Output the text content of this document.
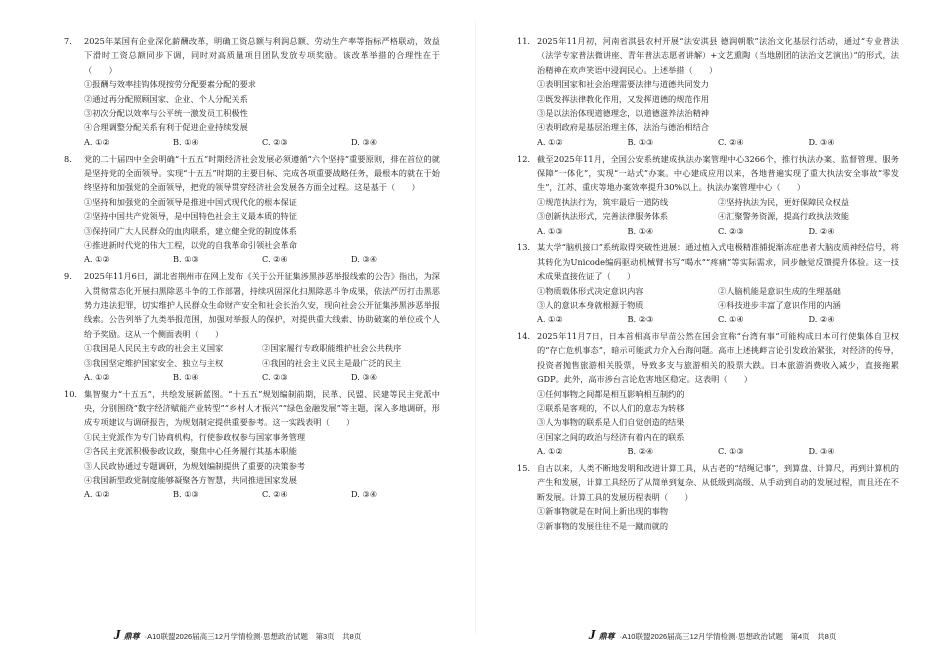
7.	2025年某国有企业深化薪酬改革，明确工资总额与利润总额、劳动生产率等指标严格联动，效益下滑时工资总额同步下调，同时对高质量项目团队发放专项奖励。该改革举措的合理性在于（　　）
①报酬与效率挂钩体现按劳分配要素分配的要求
②通过再分配照顾国家、企业、个人分配关系
③初次分配以效率与公平统一激发员工积极性
④合理调整分配关系有利于促进企业持续发展
A. ①②	B. ①④	C. ②③	D. ③④
8.	党的二十届四中全会明确“十五五”时期经济社会发展必须遵循“六个坚持”重要原则，排在首位的就是坚持党的全面领导。实现“十五五”时期的主要目标、完成各项重要战略任务，最根本的就在于始终坚持和加强党的全面领导，把党的领导贯穿经济社会发展各方面全过程。这是基于（　　）
①坚持和加强党的全面领导是推进中国式现代化的根本保证
②坚持中国共产党领导，是中国特色社会主义最本质的特征
③保持同广大人民群众的血肉联系，建立健全党的制度体系
④推进新时代党的伟大工程，以党的自我革命引领社会革命
A. ①②	B. ①③	C. ②④	D. ③④
9.	2025年11月6日，湖北省荆州市在网上发布《关于公开征集涉黑涉恶举报线索的公告》指出，为深入贯彻常态化开展扫黑除恶斗争的工作部署，持续巩固深化扫黑除恶斗争成果，依法严厉打击黑恶势力违法犯罪，切实维护人民群众生命财产安全和社会长治久安，现向社会公开征集涉黑涉恶举报线索。公告列举了九类举报范围，加强对举报人的保护，对提供重大线索、协助破案的单位或个人给予奖励。这从一个侧面表明（　　）
①我国是人民民主专政的社会主义国家	②国家履行专政职能维护社会公共秩序
③我国坚定维护国家安全、独立与主权	④我国的社会主义民主是最广泛的民主
A. ①②	B. ①④	C. ②③	D. ③④
10. 集智聚力“十五五”，共绘发展新蓝图。“十五五”规划编制前期，民革、民盟、民建等民主党派中央，分别围绕“数字经济赋能产业转型”“乡村人才振兴”“绿色金融发展”等主题，深入多地调研，形成专项建议与调研报告，为规划制定提供重要参考。这一实践表明（　　）
①民主党派作为专门协商机构，行使参政权参与国家事务管理
②各民主党派积极参政议政，聚焦中心任务履行其基本职能
③人民政协通过专题调研，为规划编制提供了重要的决策参考
④我国新型政党制度能够凝聚各方智慧，共同推进国家发展
A. ①②	B. ①③	C. ②④	D. ③④
J 鼎尊 ·A10联盟2026届高三12月学情检测·思想政治试题　第3页　共8页
11. 2025年11月初，河南省淇县农村开展“法安淇县 德润朝歌”法治文化基层行活动，通过“专业普法（法学专家普法微讲座、青年普法志愿者讲解）+文艺熏陶（当地剧团的法治文艺演出）”的形式，法治精神在欢声笑语中浸润民心。上述举措（　　）
①表明国家和社会治理需要法律与道德共同发力
②既发挥法律教化作用，又发挥道德的规范作用
③是以法治体现道德理念，以道德滋养法治精神
④表明政府是基层治理主体，法治与德治相结合
A. ①②	B. ①③	C. ②④	D. ③④
12. 截至2025年11月，全国公安系统建成执法办案管理中心3266个，推行执法办案、监督管理、服务保障“一体化”，实现“一站式”办案。中心建成应用以来，各地普遍实现了重大执法安全事故“零发生”，江苏、重庆等地办案效率提升30%以上。执法办案管理中心（　　）
①规范执法行为，筑牢最后一道防线	②坚持执法为民，更好保障民众权益
③创新执法形式，完善法律服务体系	④汇聚警务资源，提高行政执法效能
A. ①③	B. ①④	C. ②③	D. ②④
13. 某大学“脑机接口”系统取得突破性进展：通过植入式电极精准捕捉渐冻症患者大脑皮质神经信号，将其转化为Unicode编码驱动机械臂书写“喝水”“疼痛”等实际需求，同步触觉反馈提升体验。这一技术成果直接佐证了（　　）
①物质载体形式决定意识内容	②人脑机能是意识生成的生理基础
③人的意识本身就根源于物质	④科技进步丰富了意识作用的内涵
A. ①②	B. ②③	C. ①④	D. ②④
14. 2025年11月7日，日本首相高市早苗公然在国会宣称“台湾有事”可能构成日本可行使集体自卫权的“存亡危机事态”，暗示可能武力介入台海问题。高市上述挑衅言论引发政治紧张，对经济的传导，投资者抛售旅游相关股票，导致多支与旅游相关的股票大跌。日本旅游消费收入减少，直接拖累GDP。此外，高市涉台言论危害地区稳定。这表明（　　）
①任何事物之间都是相互影响相互制约的
②联系是客观的，不以人们的意志为转移
③人为事物的联系是人们自觉创造的结果
④国家之间的政治与经济有着内在的联系
A. ①②	B. ②④	C. ①③	D. ③④
15. 自古以来，人类不断地发明和改进计算工具，从古老的“结绳记事”，到算盘、计算尺，再到计算机的产生和发展，计算工具经历了从简单到复杂、从低级到高级、从手动到自动的发展过程，而且还在不断发展。计算工具的发展历程表明（　　）
①新事物就是在时间上新出现的事物
②新事物的发展往往不是一蹴而就的
J 鼎尊 ·A10联盟2026届高三12月学情检测·思想政治试题　第4页　共8页
